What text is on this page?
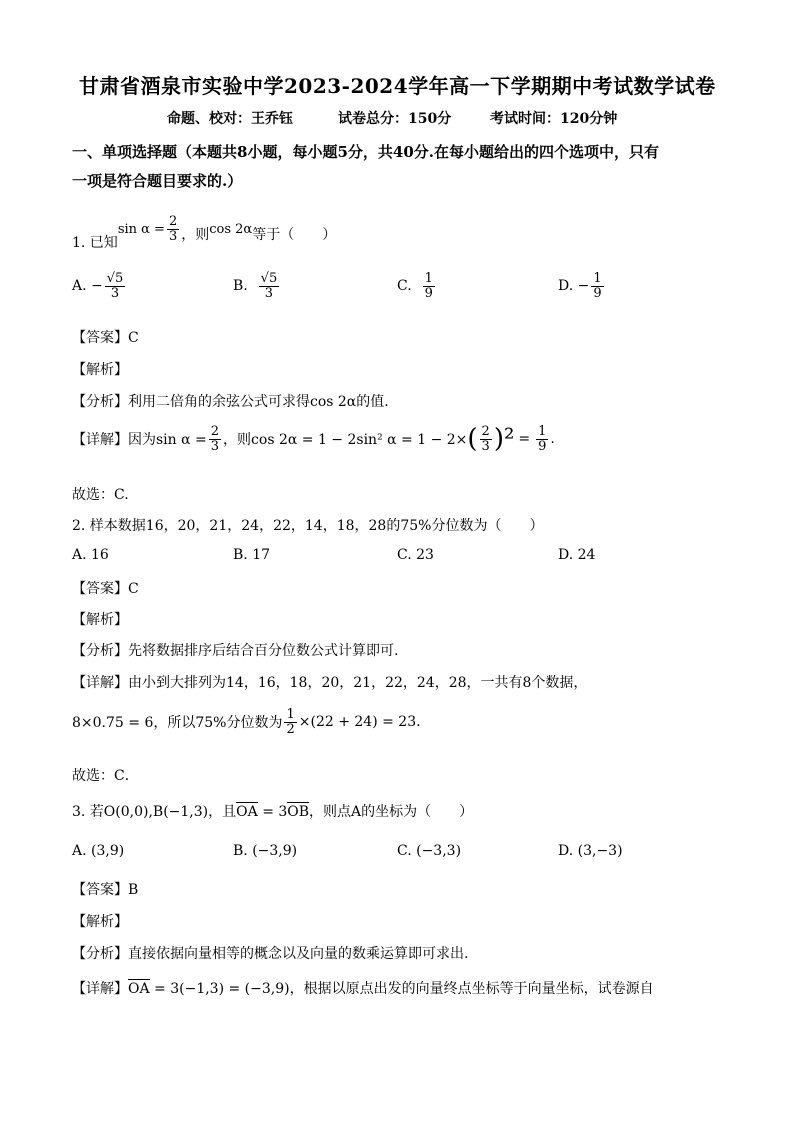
甘肃省酒泉市实验中学2023-2024学年高一下学期期中考试数学试卷
命题、校对：王乔钰	试卷总分：150分	考试时间：120分钟
一、单项选择题（本题共8小题，每小题5分，共40分.在每小题给出的四个选项中，只有
一项是符合题目要求的.）
1. 已知
$\sin \alpha = \frac{2}{3}$ ，则 cos 2α 等于（　　）
A.
− $\frac{√5}{3}$	B.
$\frac{√5}{3}$	C.
$\frac{1}{9}$	D.
− $\frac{1}{9}$
【答案】C
【解析】
【分析】利用二倍角的余弦公式可求得cos 2α的值.
【详解】 因为$\sin \alpha = \frac{2}{3}$ ，则cos 2α = 1 − 2sin² α = 1 − 2× ( $\frac{2}{3} )^2 = \frac{1}{9}$ .
故选：C.
2. 样本数据16，20，21，24，22，14，18，28的75%分位数为（　　）
A. 16	B. 17	C. 23	D. 24
【答案】C
【解析】
【分析】先将数据排序后结合百分位数公式计算即可.
【详解】由小到大排列为14，16，18，20，21，22，24，28，一共有8个数据，
8×0.75 = 6，所以75%分位数为 $\frac{1}{2} \times(22 + 24) = 23$.
故选：C．
3. 若O(0,0),B(−1,3)，且OA = 3OB，则点A的坐标为（　　）
A. (3,9)	B. (−3,9)	C. (−3,3)	D. (3,−3)
【答案】B
【解析】
【分析】直接依据向量相等的概念以及向量的数乘运算即可求出.
【详解】OA = 3(−1,3) = (−3,9)，根据以原点出发的向量终点坐标等于向量坐标，试卷源自
